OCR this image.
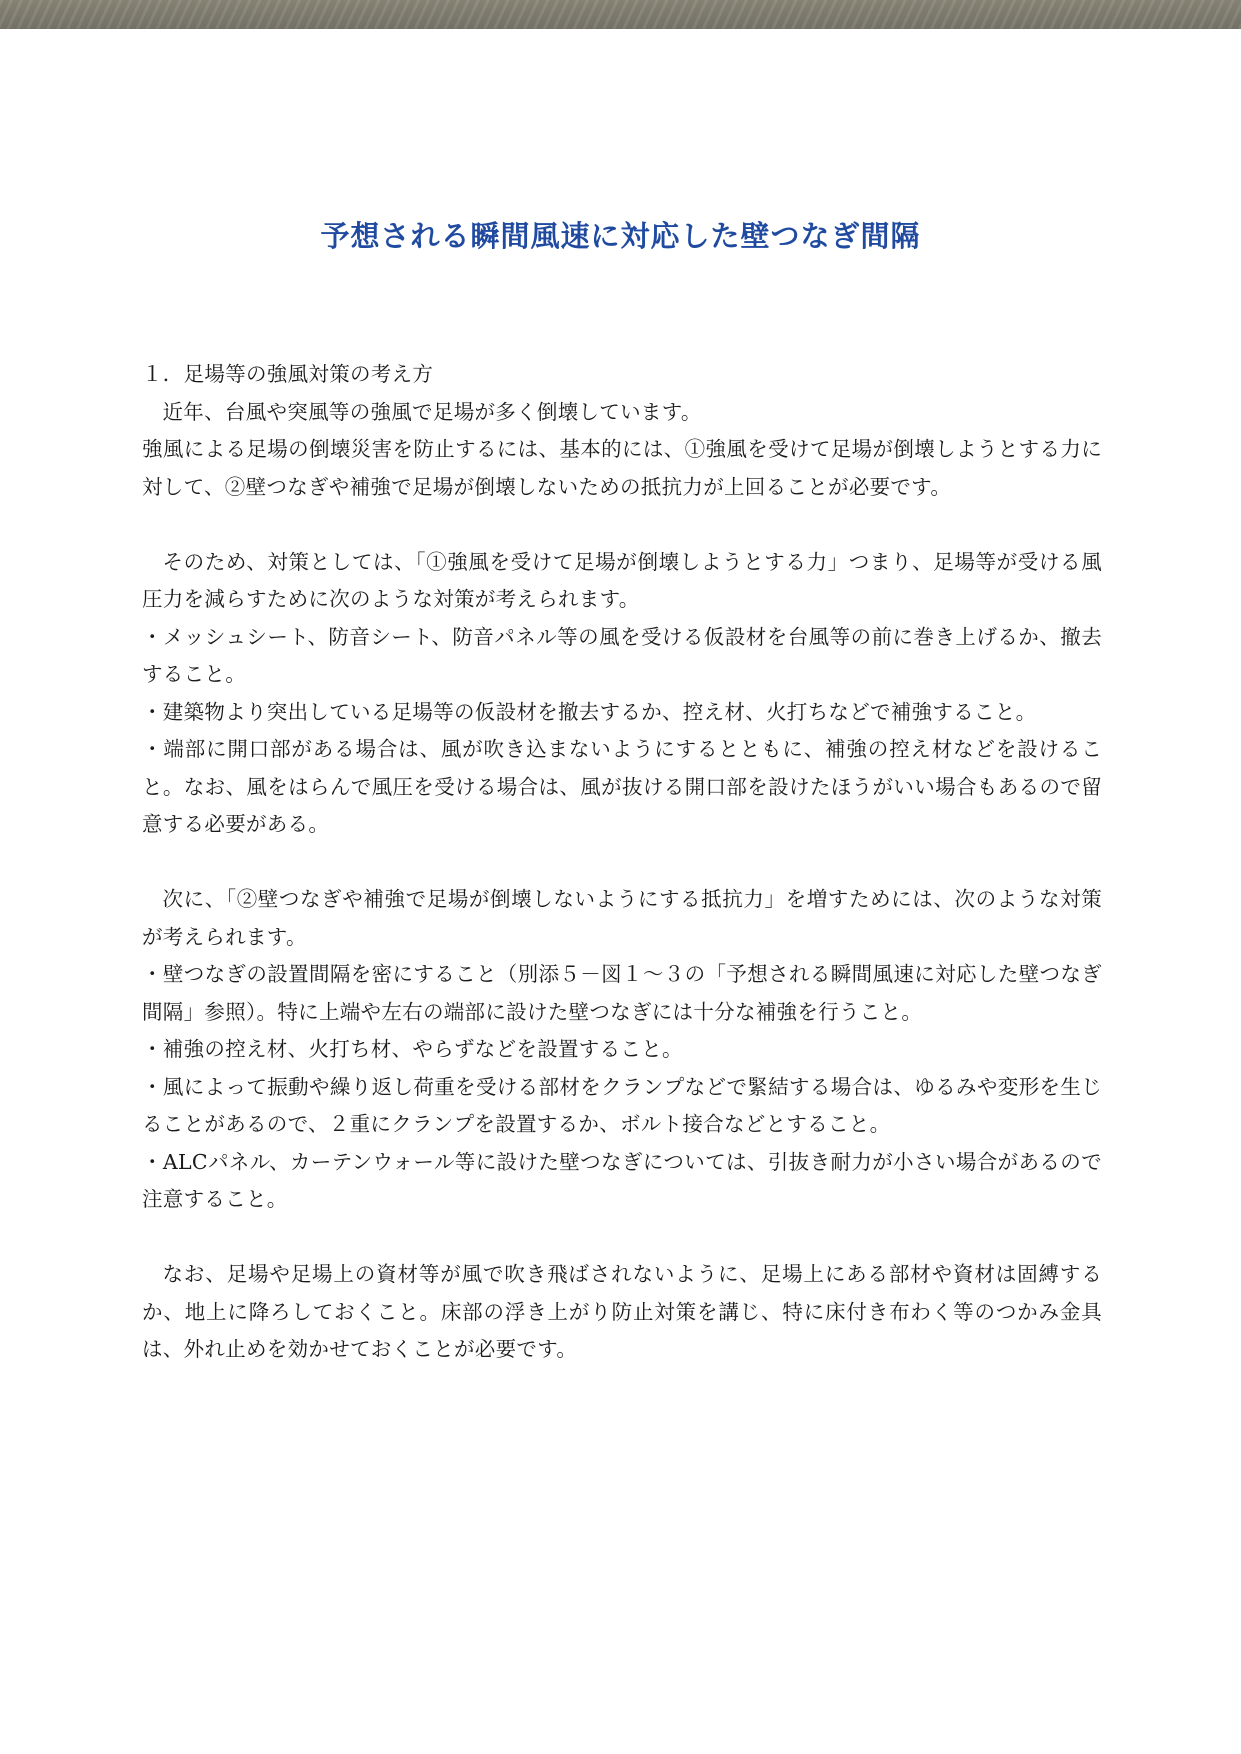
予想される瞬間風速に対応した壁つなぎ間隔

１．足場等の強風対策の考え方

近年、台風や突風等の強風で足場が多く倒壊しています。

強風による足場の倒壊災害を防止するには、基本的には、①強風を受けて足場が倒壊しようとする力に対して、②壁つなぎや補強で足場が倒壊しないための抵抗力が上回ることが必要です。

そのため、対策としては、「①強風を受けて足場が倒壊しようとする力」つまり、足場等が受ける風圧力を減らすために次のような対策が考えられます。

・メッシュシート、防音シート、防音パネル等の風を受ける仮設材を台風等の前に巻き上げるか、撤去すること。

・建築物より突出している足場等の仮設材を撤去するか、控え材、火打ちなどで補強すること。

・端部に開口部がある場合は、風が吹き込まないようにするとともに、補強の控え材などを設けること。なお、風をはらんで風圧を受ける場合は、風が抜ける開口部を設けたほうがいい場合もあるので留意する必要がある。

次に、「②壁つなぎや補強で足場が倒壊しないようにする抵抗力」を増すためには、次のような対策が考えられます。

・壁つなぎの設置間隔を密にすること（別添５－図１～３の「予想される瞬間風速に対応した壁つなぎ間隔」参照）。特に上端や左右の端部に設けた壁つなぎには十分な補強を行うこと。

・補強の控え材、火打ち材、やらずなどを設置すること。

・風によって振動や繰り返し荷重を受ける部材をクランプなどで緊結する場合は、ゆるみや変形を生じることがあるので、２重にクランプを設置するか、ボルト接合などとすること。

・ALCパネル、カーテンウォール等に設けた壁つなぎについては、引抜き耐力が小さい場合があるので注意すること。

なお、足場や足場上の資材等が風で吹き飛ばされないように、足場上にある部材や資材は固縛するか、地上に降ろしておくこと。床部の浮き上がり防止対策を講じ、特に床付き布わく等のつかみ金具は、外れ止めを効かせておくことが必要です。
